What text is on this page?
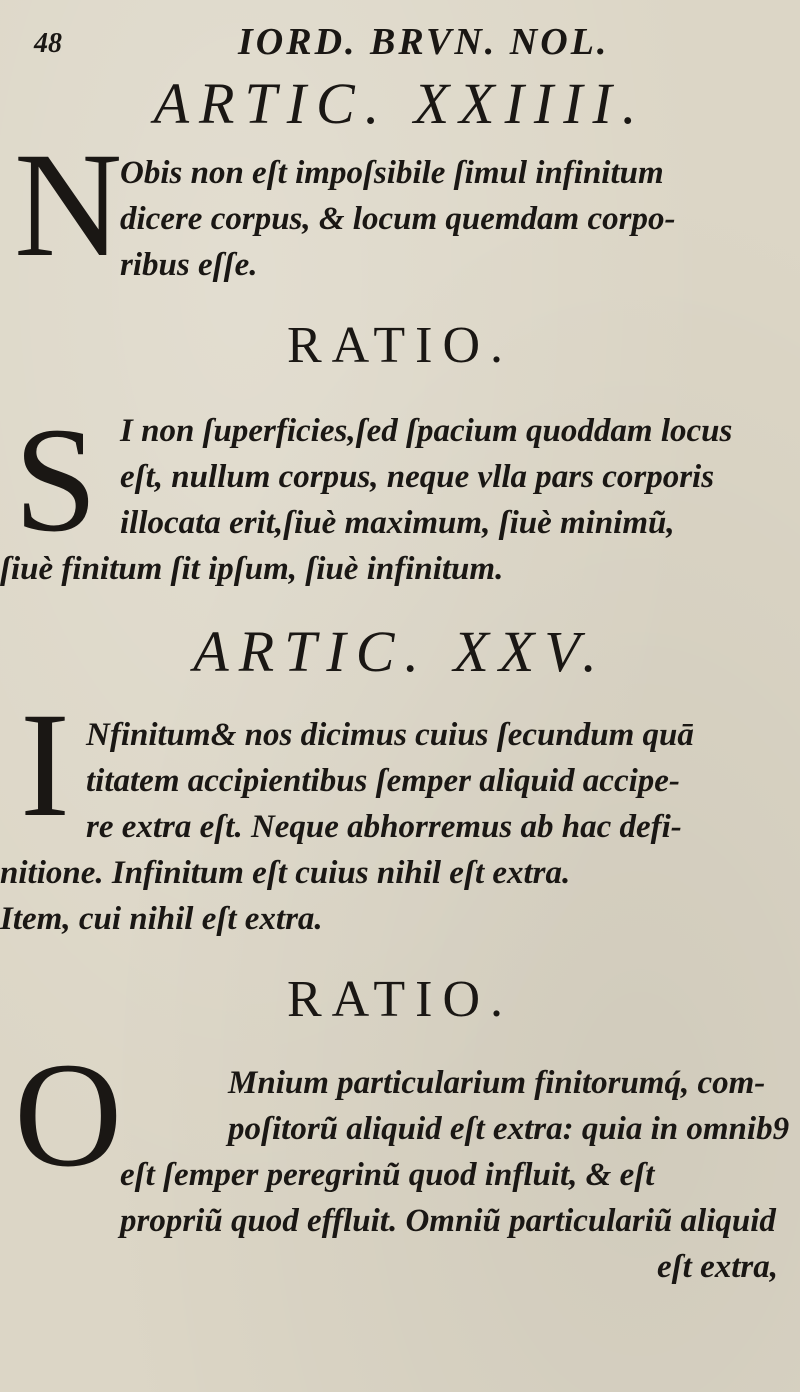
48	IORD. BRVN. NOL.
ARTIC. XXIIII.
N
Obis non eſt impoſsibile ſimul infinitum
dicere corpus, & locum quemdam corpo-
ribus eſſe.
RATIO.
S I non ſuperficies,ſed ſpacium quoddam locus
eſt, nullum corpus, neque vlla pars corporis
illocata erit,ſiuè maximum, ſiuè minimũ,
ſiuè finitum ſit ipſum, ſiuè infinitum.
ARTIC. XXV.
I Nfinitum& nos dicimus cuius ſecundum quā
titatem accipientibus ſemper aliquid accipe-
re extra eſt. Neque abhorremus ab hac defi-
nitione. Infinitum eſt cuius nihil eſt extra.
Item, cui nihil eſt extra.
RATIO.
O	Mnium particularium finitorumq́, com-
poſitorũ aliquid eſt extra: quia in omnib9
eſt ſemper peregrinũ quod influit, & eſt
propriũ quod effluit. Omniũ particulariũ aliquid
eſt extra,
